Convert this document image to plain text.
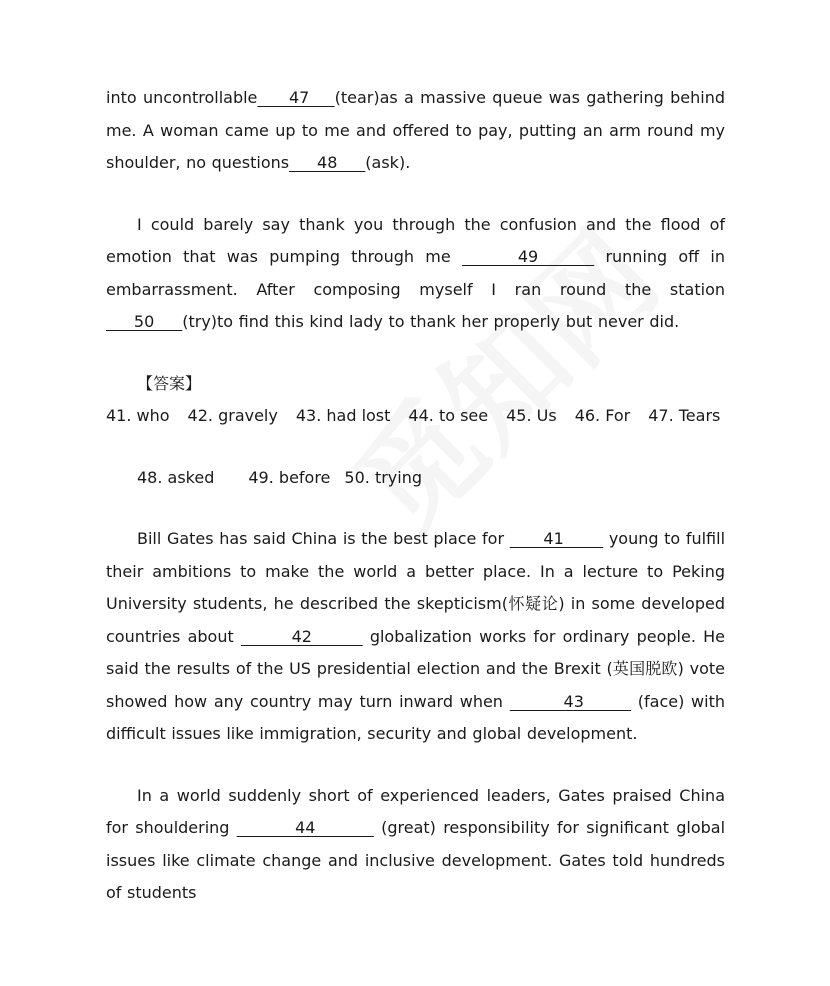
into uncontrollable     47    (tear)as a massive queue was gathering behind me. A woman came up to me and offered to pay, putting an arm round my shoulder, no questions     48     (ask).

I could barely say thank you through the confusion and the flood of emotion that was pumping through me      49      running off in embarrassment. After composing myself I ran round the station      50     (try)to find this kind lady to thank her properly but never did.

【答案】41. who 42. gravely 43. had lost 44. to see 45. Us 46. For 47. Tears

48. asked 49. before 50. trying

Bill Gates has said China is the best place for       41        young to fulfill their ambitions to make the world a better place. In a lecture to Peking University students, he described the skepticism(怀疑论) in some developed countries about        42        globalization works for ordinary people. He said the results of the US presidential election and the Brexit (英国脱欧) vote showed how any country may turn inward when         43        (face) with difficult issues like immigration, security and global development.

In a world suddenly short of experienced leaders, Gates praised China for shouldering         44         (great) responsibility for significant global issues like climate change and inclusive development. Gates told hundreds of students
